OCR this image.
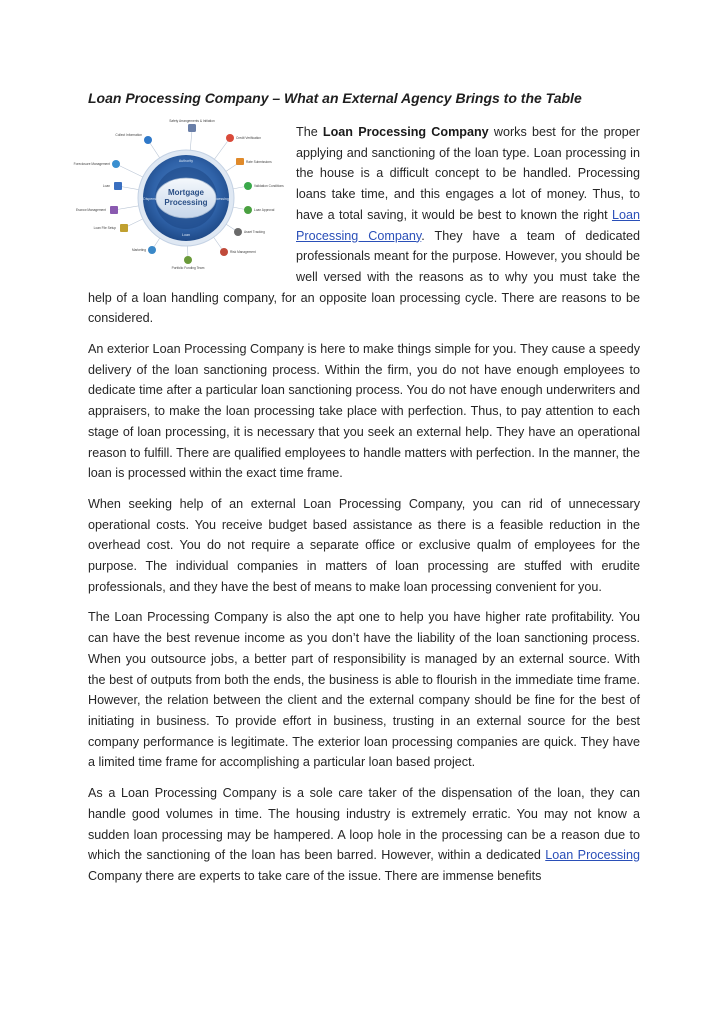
Loan Processing Company – What an External Agency Brings to the Table
Mortgage
Processing
Authority
Processing
Loan
Dispensing
Safety Arrangements & Initiation
Credit Verification
Collect Information
Rate Submissions
Foreclosure Management
Validation Conditions
Loan
Loan Approval
Escrow Management
Asset Tracking
Loan File Setup
Risk Management
Marketing
Portfolio Funding Team

The Loan Processing Company works best for the proper applying and sanctioning of the loan type. Loan processing in the house is a difficult concept to be handled. Processing loans take time, and this engages a lot of money. Thus, to have a total saving, it would be best to known the right Loan Processing Company. They have a team of dedicated professionals meant for the purpose. However, you should be well versed with the reasons as to why you must take the help of a loan handling company, for an opposite loan processing cycle. There are reasons to be considered.

An exterior Loan Processing Company is here to make things simple for you. They cause a speedy delivery of the loan sanctioning process. Within the firm, you do not have enough employees to dedicate time after a particular loan sanctioning process. You do not have enough underwriters and appraisers, to make the loan processing take place with perfection. Thus, to pay attention to each stage of loan processing, it is necessary that you seek an external help. They have an operational reason to fulfill. There are qualified employees to handle matters with perfection. In the manner, the loan is processed within the exact time frame.

When seeking help of an external Loan Processing Company, you can rid of unnecessary operational costs. You receive budget based assistance as there is a feasible reduction in the overhead cost. You do not require a separate office or exclusive qualm of employees for the purpose. The individual companies in matters of loan processing are stuffed with erudite professionals, and they have the best of means to make loan processing convenient for you.

The Loan Processing Company is also the apt one to help you have higher rate profitability. You can have the best revenue income as you don’t have the liability of the loan sanctioning process. When you outsource jobs, a better part of responsibility is managed by an external source. With the best of outputs from both the ends, the business is able to flourish in the immediate time frame. However, the relation between the client and the external company should be fine for the best of initiating in business. To provide effort in business, trusting in an external source for the best company performance is legitimate. The exterior loan processing companies are quick. They have a limited time frame for accomplishing a particular loan based project.

As a Loan Processing Company is a sole care taker of the dispensation of the loan, they can handle good volumes in time. The housing industry is extremely erratic. You may not know a sudden loan processing may be hampered. A loop hole in the processing can be a reason due to which the sanctioning of the loan has been barred. However, within a dedicated Loan Processing Company there are experts to take care of the issue. There are immense benefits
